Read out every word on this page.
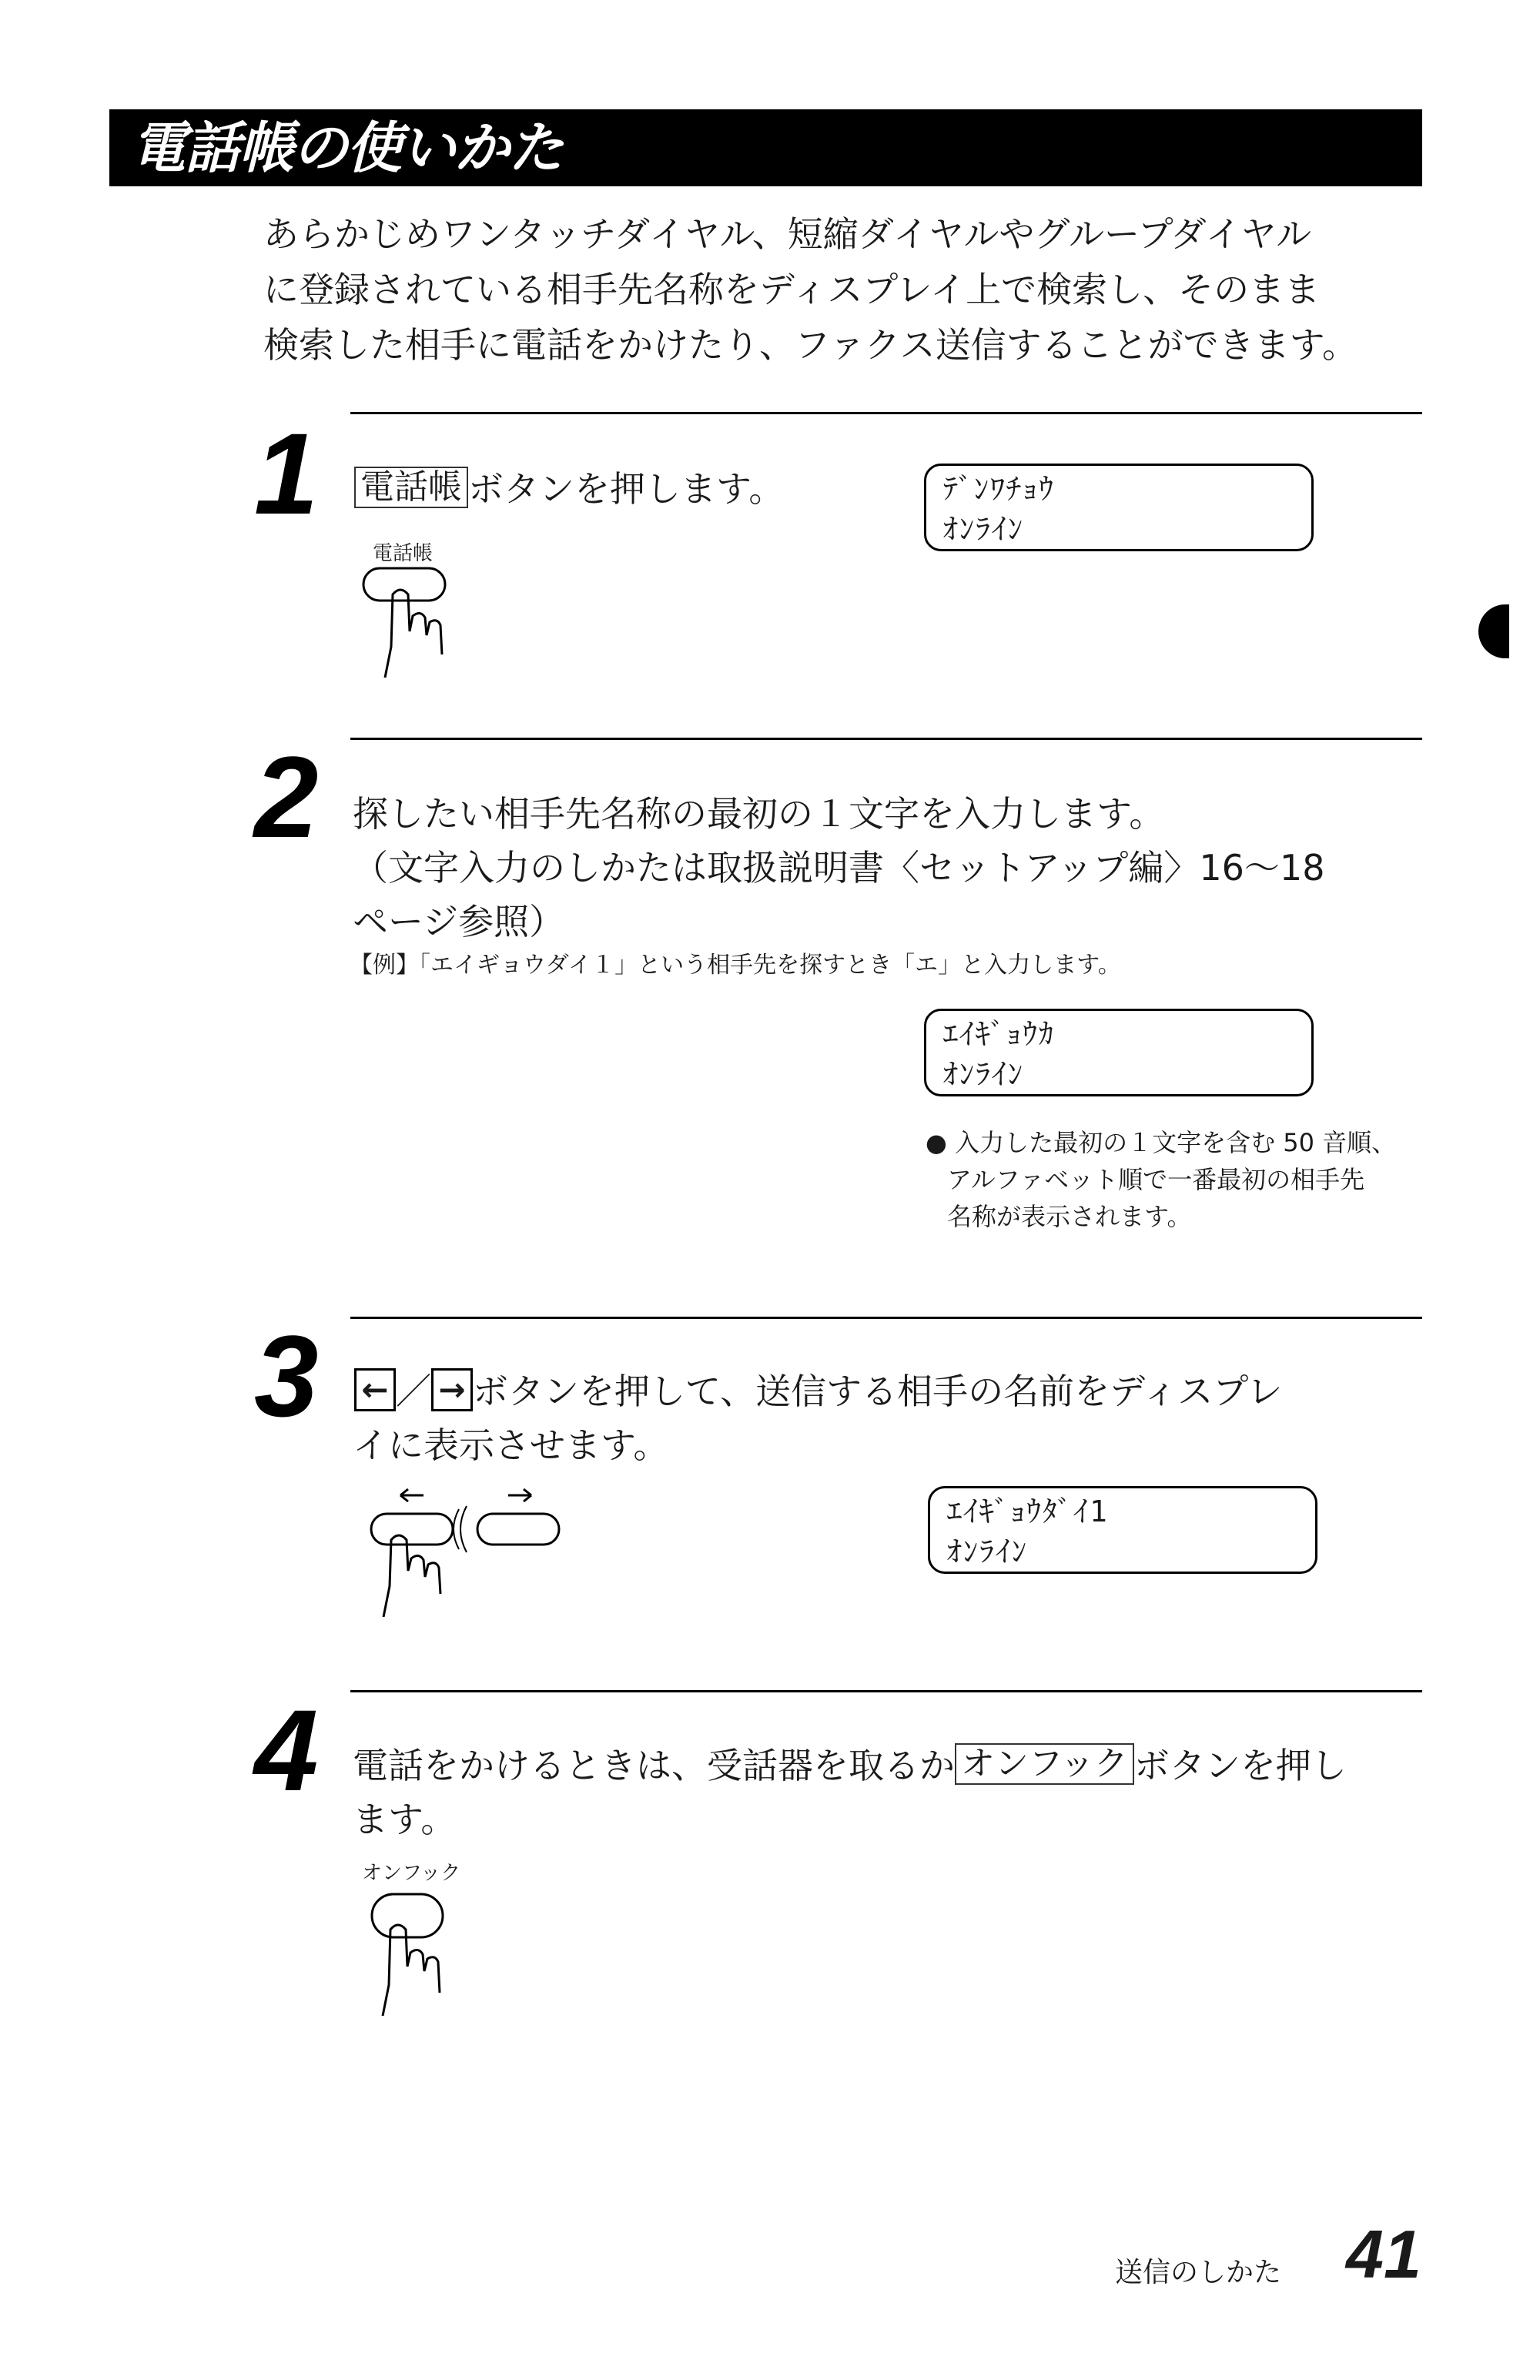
電話帳の使いかた
あらかじめワンタッチダイヤル、短縮ダイヤルやグループダイヤル
に登録されている相手先名称をディスプレイ上で検索し、そのまま
検索した相手に電話をかけたり、ファクス送信することができます。
1 電話帳 ボタンを押します。
電話帳
ﾃﾞﾝﾜﾁｮｳ
ｵﾝﾗｲﾝ
2 探したい相手先名称の最初の１文字を入力します。
（文字入力のしかたは取扱説明書〈セットアップ編〉16～18
ページ参照）
【例】「エイギョウダイ１」という相手先を探すとき「エ」と入力します。
ｴｲｷﾞｮｳｶ
ｵﾝﾗｲﾝ
● 入力した最初の１文字を含む 50 音順、
アルファベット順で一番最初の相手先
名称が表示されます。
3 ← ／ → ボタンを押して、送信する相手の名前をディスプレ
イに表示させます。
ｴｲｷﾞｮｳﾀﾞｲ1
ｵﾝﾗｲﾝ
4 電話をかけるときは、受話器を取るか オンフック ボタンを押し
ます。
オンフック
送信のしかた 41
